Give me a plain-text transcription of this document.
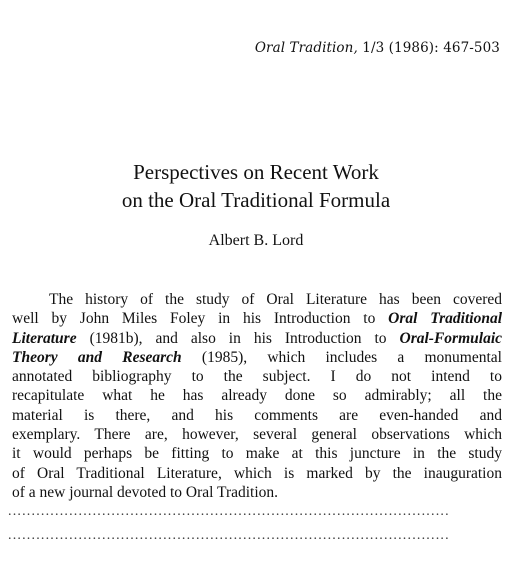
Oral Tradition, 1/3 (1986): 467-503
Perspectives on Recent Work
on the Oral Traditional Formula
Albert B. Lord
The history of the study of Oral Literature has been covered
well by John Miles Foley in his Introduction to Oral Traditional
Literature (1981b), and also in his Introduction to Oral-Formulaic
Theory and Research (1985), which includes a monumental
annotated bibliography to the subject. I do not intend to
recapitulate what he has already done so admirably; all the
material is there, and his comments are even-handed and
exemplary. There are, however, several general observations which
it would perhaps be fitting to make at this juncture in the study
of Oral Traditional Literature, which is marked by the inauguration
of a new journal devoted to Oral Tradition.
..............................................................................................
..............................................................................................
